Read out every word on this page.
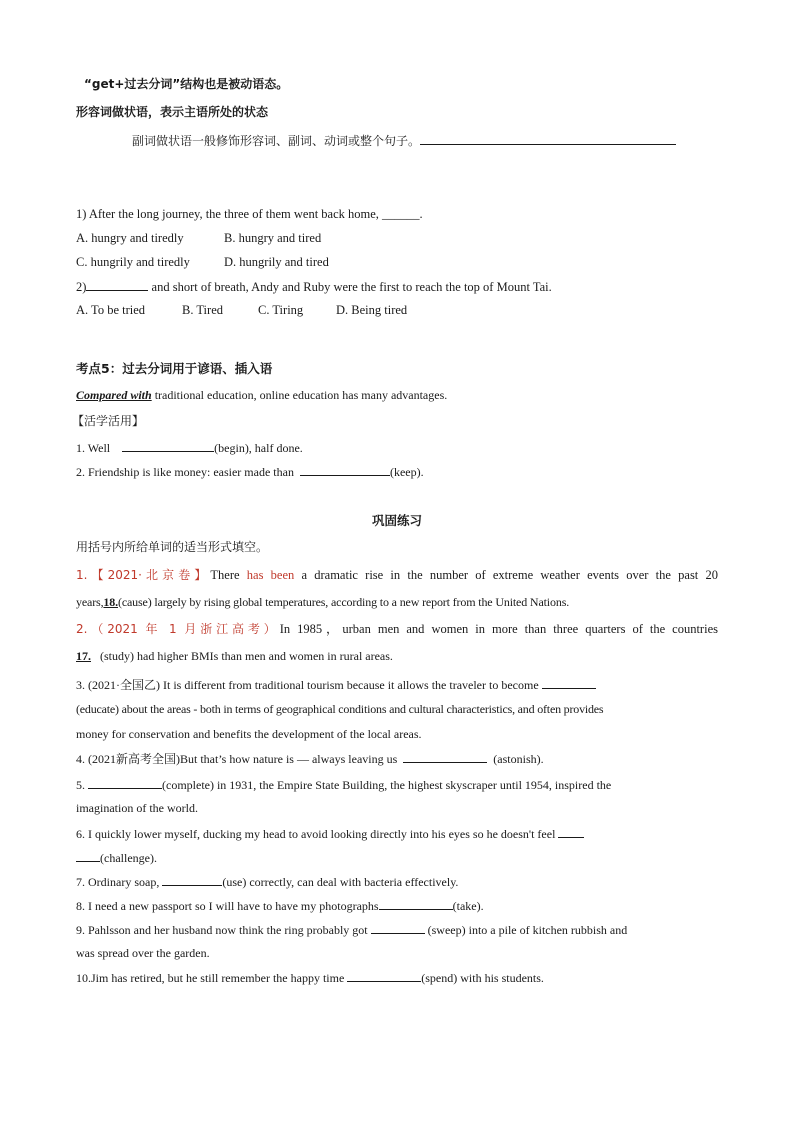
“get+过去分词”结构也是被动语态。
形容词做状语，表示主语所处的状态
副词做状语一般修饰形容词、副词、动词或整个句子。
1) After the long journey, the three of them went back home, ______.
A. hungry and tiredly	B. hungry and tired
C. hungrily and tiredly	D. hungrily and tired
2)	and short of breath, Andy and Ruby were the first to reach the top of Mount Tai.
A. To be tried	B. Tired	C. Tiring	D. Being tired
考点5：过去分词用于谚语、插入语
Compared with traditional education, online education has many advantages.
【活学活用】
1. Well	(begin), half done.
2. Friendship is like money: easier made than	(keep).
巩固练习
用括号内所给单词的适当形式填空。
1.【2021·北京卷】There has been a dramatic rise in the number of extreme weather events over the past 20
years,18.(cause) largely by rising global temperatures, according to a new report from the United Nations.
2.（2021 年 1 月浙江高考）In 1985，urban men and women in more than three quarters of the countries
17. (study) had higher BMIs than men and women in rural areas.
3. (2021·全国乙) It is different from traditional tourism because it allows the traveler to become
(educate) about the areas - both in terms of geographical conditions and cultural characteristics, and often provides
money for conservation and benefits the development of the local areas.
4. (2021新高考全国)But that’s how nature is — always leaving us	(astonish).
5.	(complete) in 1931, the Empire State Building, the highest skyscraper until 1954, inspired the
imagination of the world.
6. I quickly lower myself, ducking my head to avoid looking directly into his eyes so he doesn't feel
(challenge).
7. Ordinary soap,	(use) correctly, can deal with bacteria effectively.
8. I need a new passport so I will have to have my photographs	(take).
9. Pahlsson and her husband now think the ring probably got	(sweep) into a pile of kitchen rubbish and
was spread over the garden.
10.Jim has retired, but he still remember the happy time	(spend) with his students.
